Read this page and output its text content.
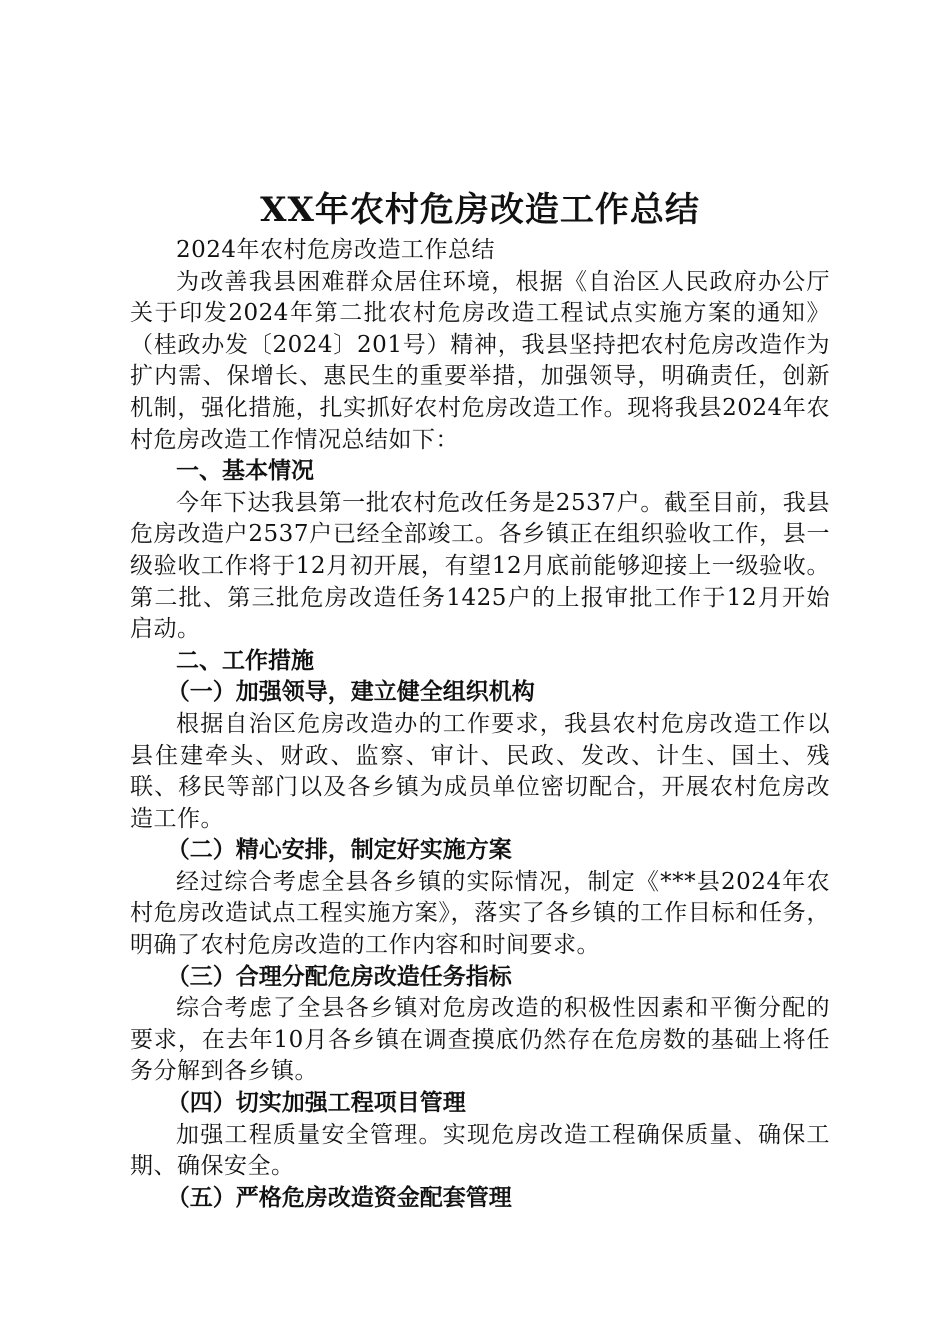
XX年农村危房改造工作总结

2024年农村危房改造工作总结

为改善我县困难群众居住环境，根据《自治区人民政府办公厅关于印发2024年第二批农村危房改造工程试点实施方案的通知》（桂政办发〔2024〕201号）精神，我县坚持把农村危房改造作为扩内需、保增长、惠民生的重要举措，加强领导，明确责任，创新机制，强化措施，扎实抓好农村危房改造工作。现将我县2024年农村危房改造工作情况总结如下：

一、基本情况

今年下达我县第一批农村危改任务是2537户。截至目前，我县危房改造户2537户已经全部竣工。各乡镇正在组织验收工作，县一级验收工作将于12月初开展，有望12月底前能够迎接上一级验收。第二批、第三批危房改造任务1425户的上报审批工作于12月开始启动。

二、工作措施

（一）加强领导，建立健全组织机构

根据自治区危房改造办的工作要求，我县农村危房改造工作以县住建牵头、财政、监察、审计、民政、发改、计生、国土、残联、移民等部门以及各乡镇为成员单位密切配合，开展农村危房改造工作。

（二）精心安排，制定好实施方案

经过综合考虑全县各乡镇的实际情况，制定《***县2024年农村危房改造试点工程实施方案》，落实了各乡镇的工作目标和任务，明确了农村危房改造的工作内容和时间要求。

（三）合理分配危房改造任务指标

综合考虑了全县各乡镇对危房改造的积极性因素和平衡分配的要求，在去年10月各乡镇在调查摸底仍然存在危房数的基础上将任务分解到各乡镇。

（四）切实加强工程项目管理

加强工程质量安全管理。实现危房改造工程确保质量、确保工期、确保安全。

（五）严格危房改造资金配套管理
